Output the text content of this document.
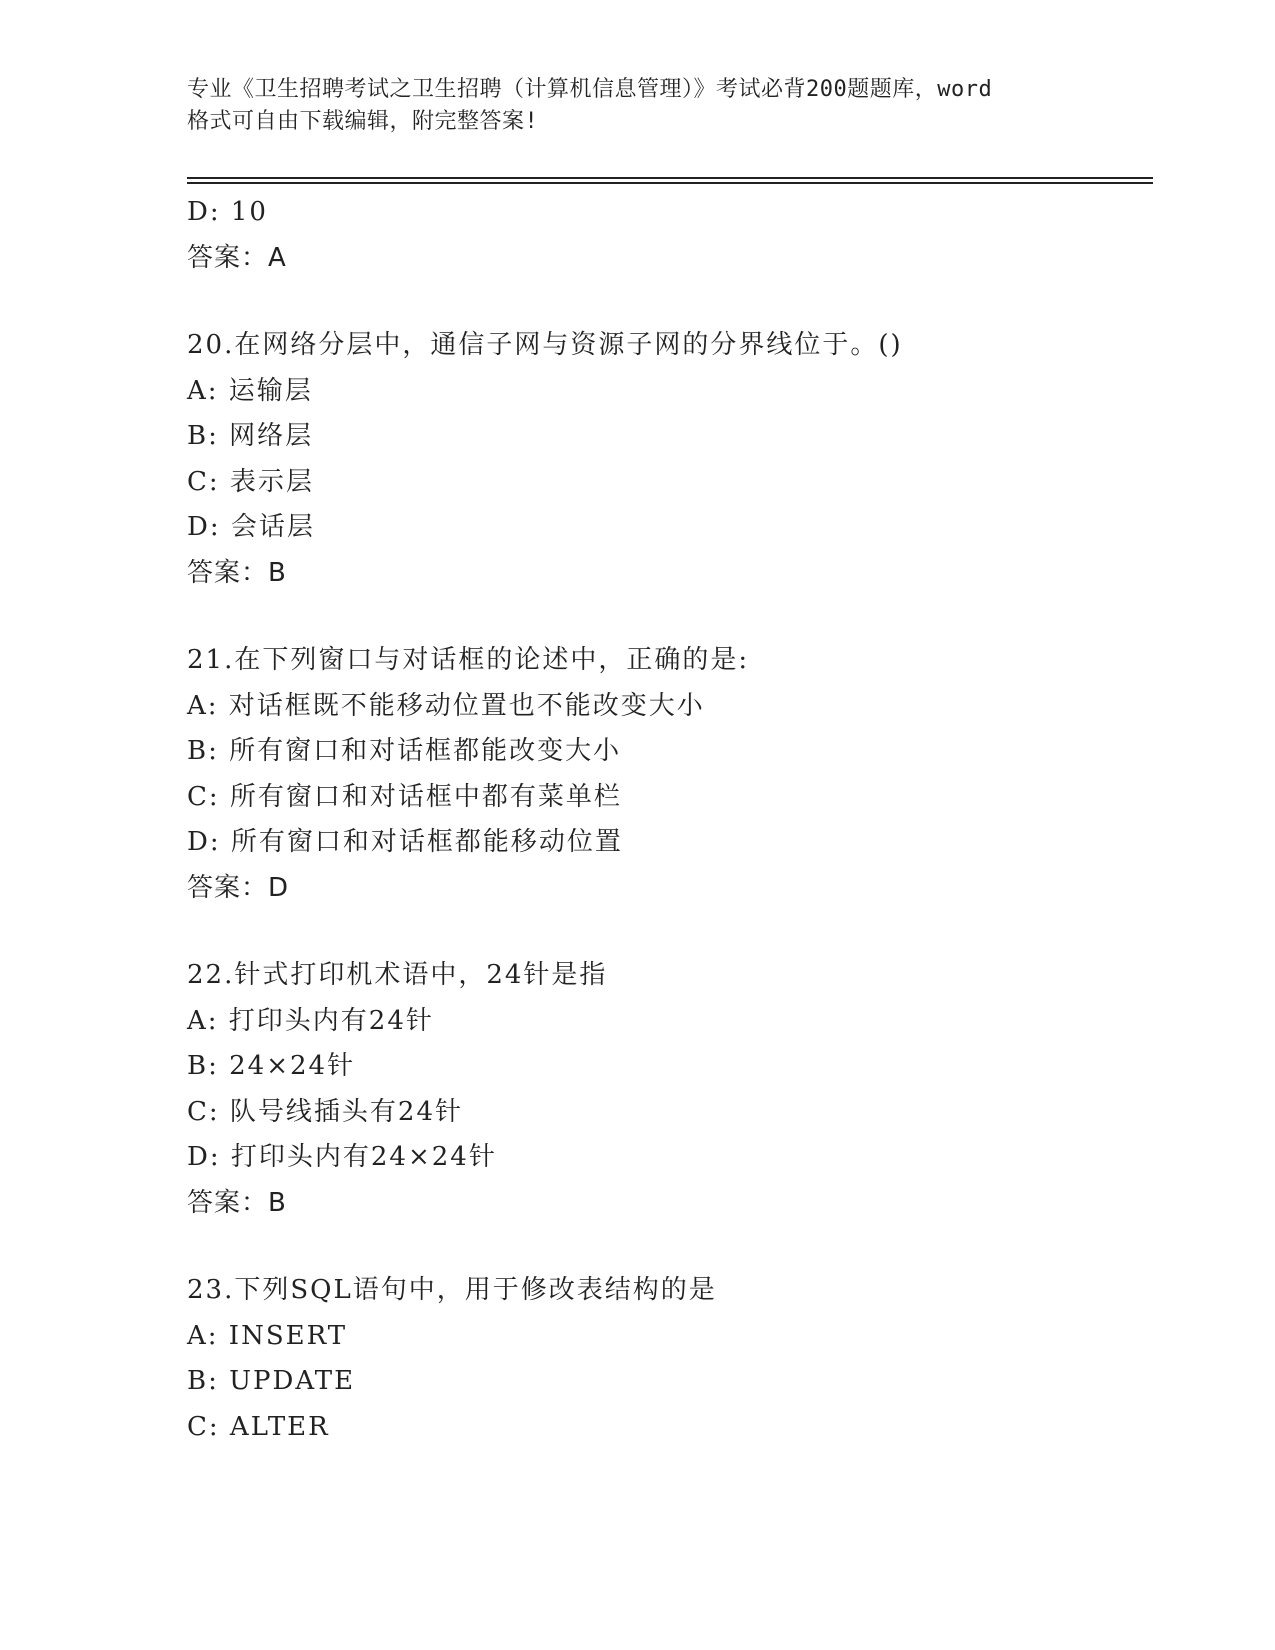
专业《卫生招聘考试之卫生招聘（计算机信息管理）》考试必背200题题库，word
格式可自由下载编辑，附完整答案!
D: 10
答案：A
20.在网络分层中，通信子网与资源子网的分界线位于。()
A: 运输层
B: 网络层
C: 表示层
D: 会话层
答案：B
21.在下列窗口与对话框的论述中，正确的是:
A: 对话框既不能移动位置也不能改变大小
B: 所有窗口和对话框都能改变大小
C: 所有窗口和对话框中都有菜单栏
D: 所有窗口和对话框都能移动位置
答案：D
22.针式打印机术语中，24针是指
A: 打印头内有24针
B: 24×24针
C: 队号线插头有24针
D: 打印头内有24×24针
答案：B
23.下列SQL语句中，用于修改表结构的是
A: INSERT
B: UPDATE
C: ALTER
